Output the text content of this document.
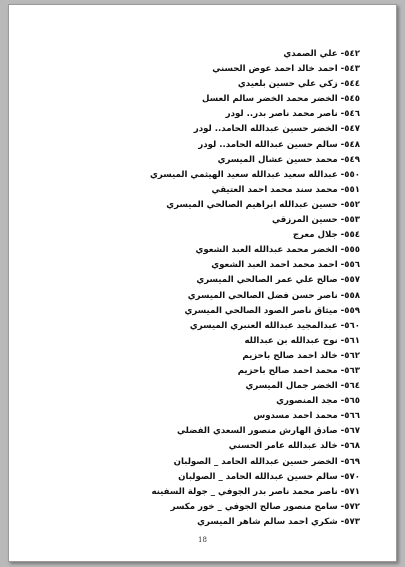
٥٤٢- علي الصمدي
٥٤٣- احمد خالد احمد عوض الحسني
٥٤٤- زكي علي حسين بلعيدي
٥٤٥- الخضر محمد الخضر سالم العسل
٥٤٦- ناصر محمد ناصر بدر.. لودر
٥٤٧- الخضر حسين عبدالله الحامد.. لودر
٥٤٨- سالم حسين عبدالله الحامد.. لودر
٥٤٩- محمد حسين عشال الميسري
٥٥٠- عبدالله سعيد عبدالله سعيد الهيثمي الميسري
٥٥١- محمد سند محمد احمد العتيقي
٥٥٢- حسين عبدالله ابراهيم الصالحي الميسري
٥٥٣- حسين المرزقي
٥٥٤- جلال معرج
٥٥٥- الخضر محمد عبدالله العبد الشعوي
٥٥٦- احمد محمد احمد العبد الشعوي
٥٥٧- صالح علي عمر الصالحي الميسري
٥٥٨- ناصر حسن فضل الصالحي الميسري
٥٥٩- ميثاق ناصر الصود الصالحي الميسري
٥٦٠- عبدالمجيد عبدالله العنبري الميسري
٥٦١- نوح عبدالله بن عبدالله
٥٦٢- خالد احمد صالح باحزيم
٥٦٣- محمد احمد صالح باحزيم
٥٦٤- الخضر جمال الميسري
٥٦٥- مجد المنصوري
٥٦٦- محمد احمد مسدوس
٥٦٧- صادق الهارش منصور السعدي الفضلي
٥٦٨- خالد عبدالله عامر الحسني
٥٦٩- الخضر حسين عبدالله الحامد _ الصولبان
٥٧٠- سالم حسين عبدالله الحامد _ الصولبان
٥٧١- ناصر محمد ناصر بدر الجوفي _ جولة السفينه
٥٧٢- سامح منصور صالح الجوفي _ خور مكسر
٥٧٣- شكري احمد سالم شاهر الميسري
18
